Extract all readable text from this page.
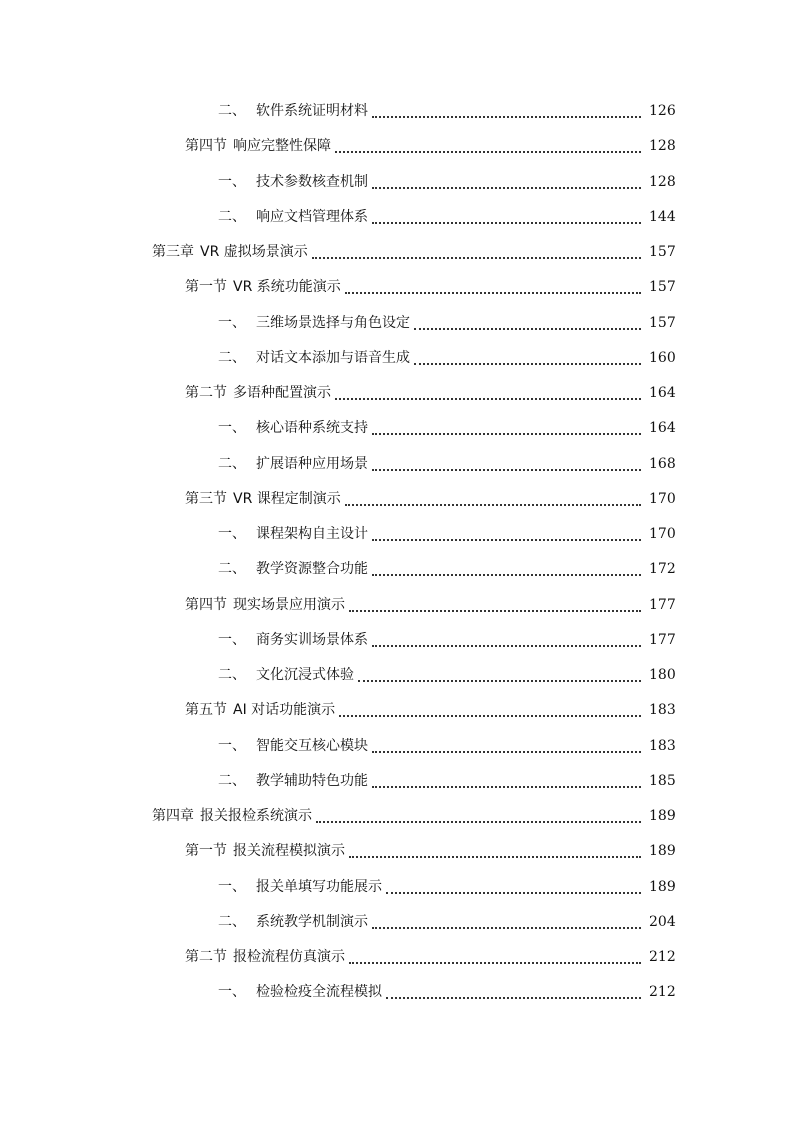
二、 软件系统证明材料	126
第四节 响应完整性保障	128
一、 技术参数核查机制	128
二、 响应文档管理体系	144
第三章 VR 虚拟场景演示	157
第一节 VR 系统功能演示	157
一、 三维场景选择与角色设定	157
二、 对话文本添加与语音生成	160
第二节 多语种配置演示	164
一、 核心语种系统支持	164
二、 扩展语种应用场景	168
第三节 VR 课程定制演示	170
一、 课程架构自主设计	170
二、 教学资源整合功能	172
第四节 现实场景应用演示	177
一、 商务实训场景体系	177
二、 文化沉浸式体验	180
第五节 AI 对话功能演示	183
一、 智能交互核心模块	183
二、 教学辅助特色功能	185
第四章 报关报检系统演示	189
第一节 报关流程模拟演示	189
一、 报关单填写功能展示	189
二、 系统教学机制演示	204
第二节 报检流程仿真演示	212
一、 检验检疫全流程模拟	212
